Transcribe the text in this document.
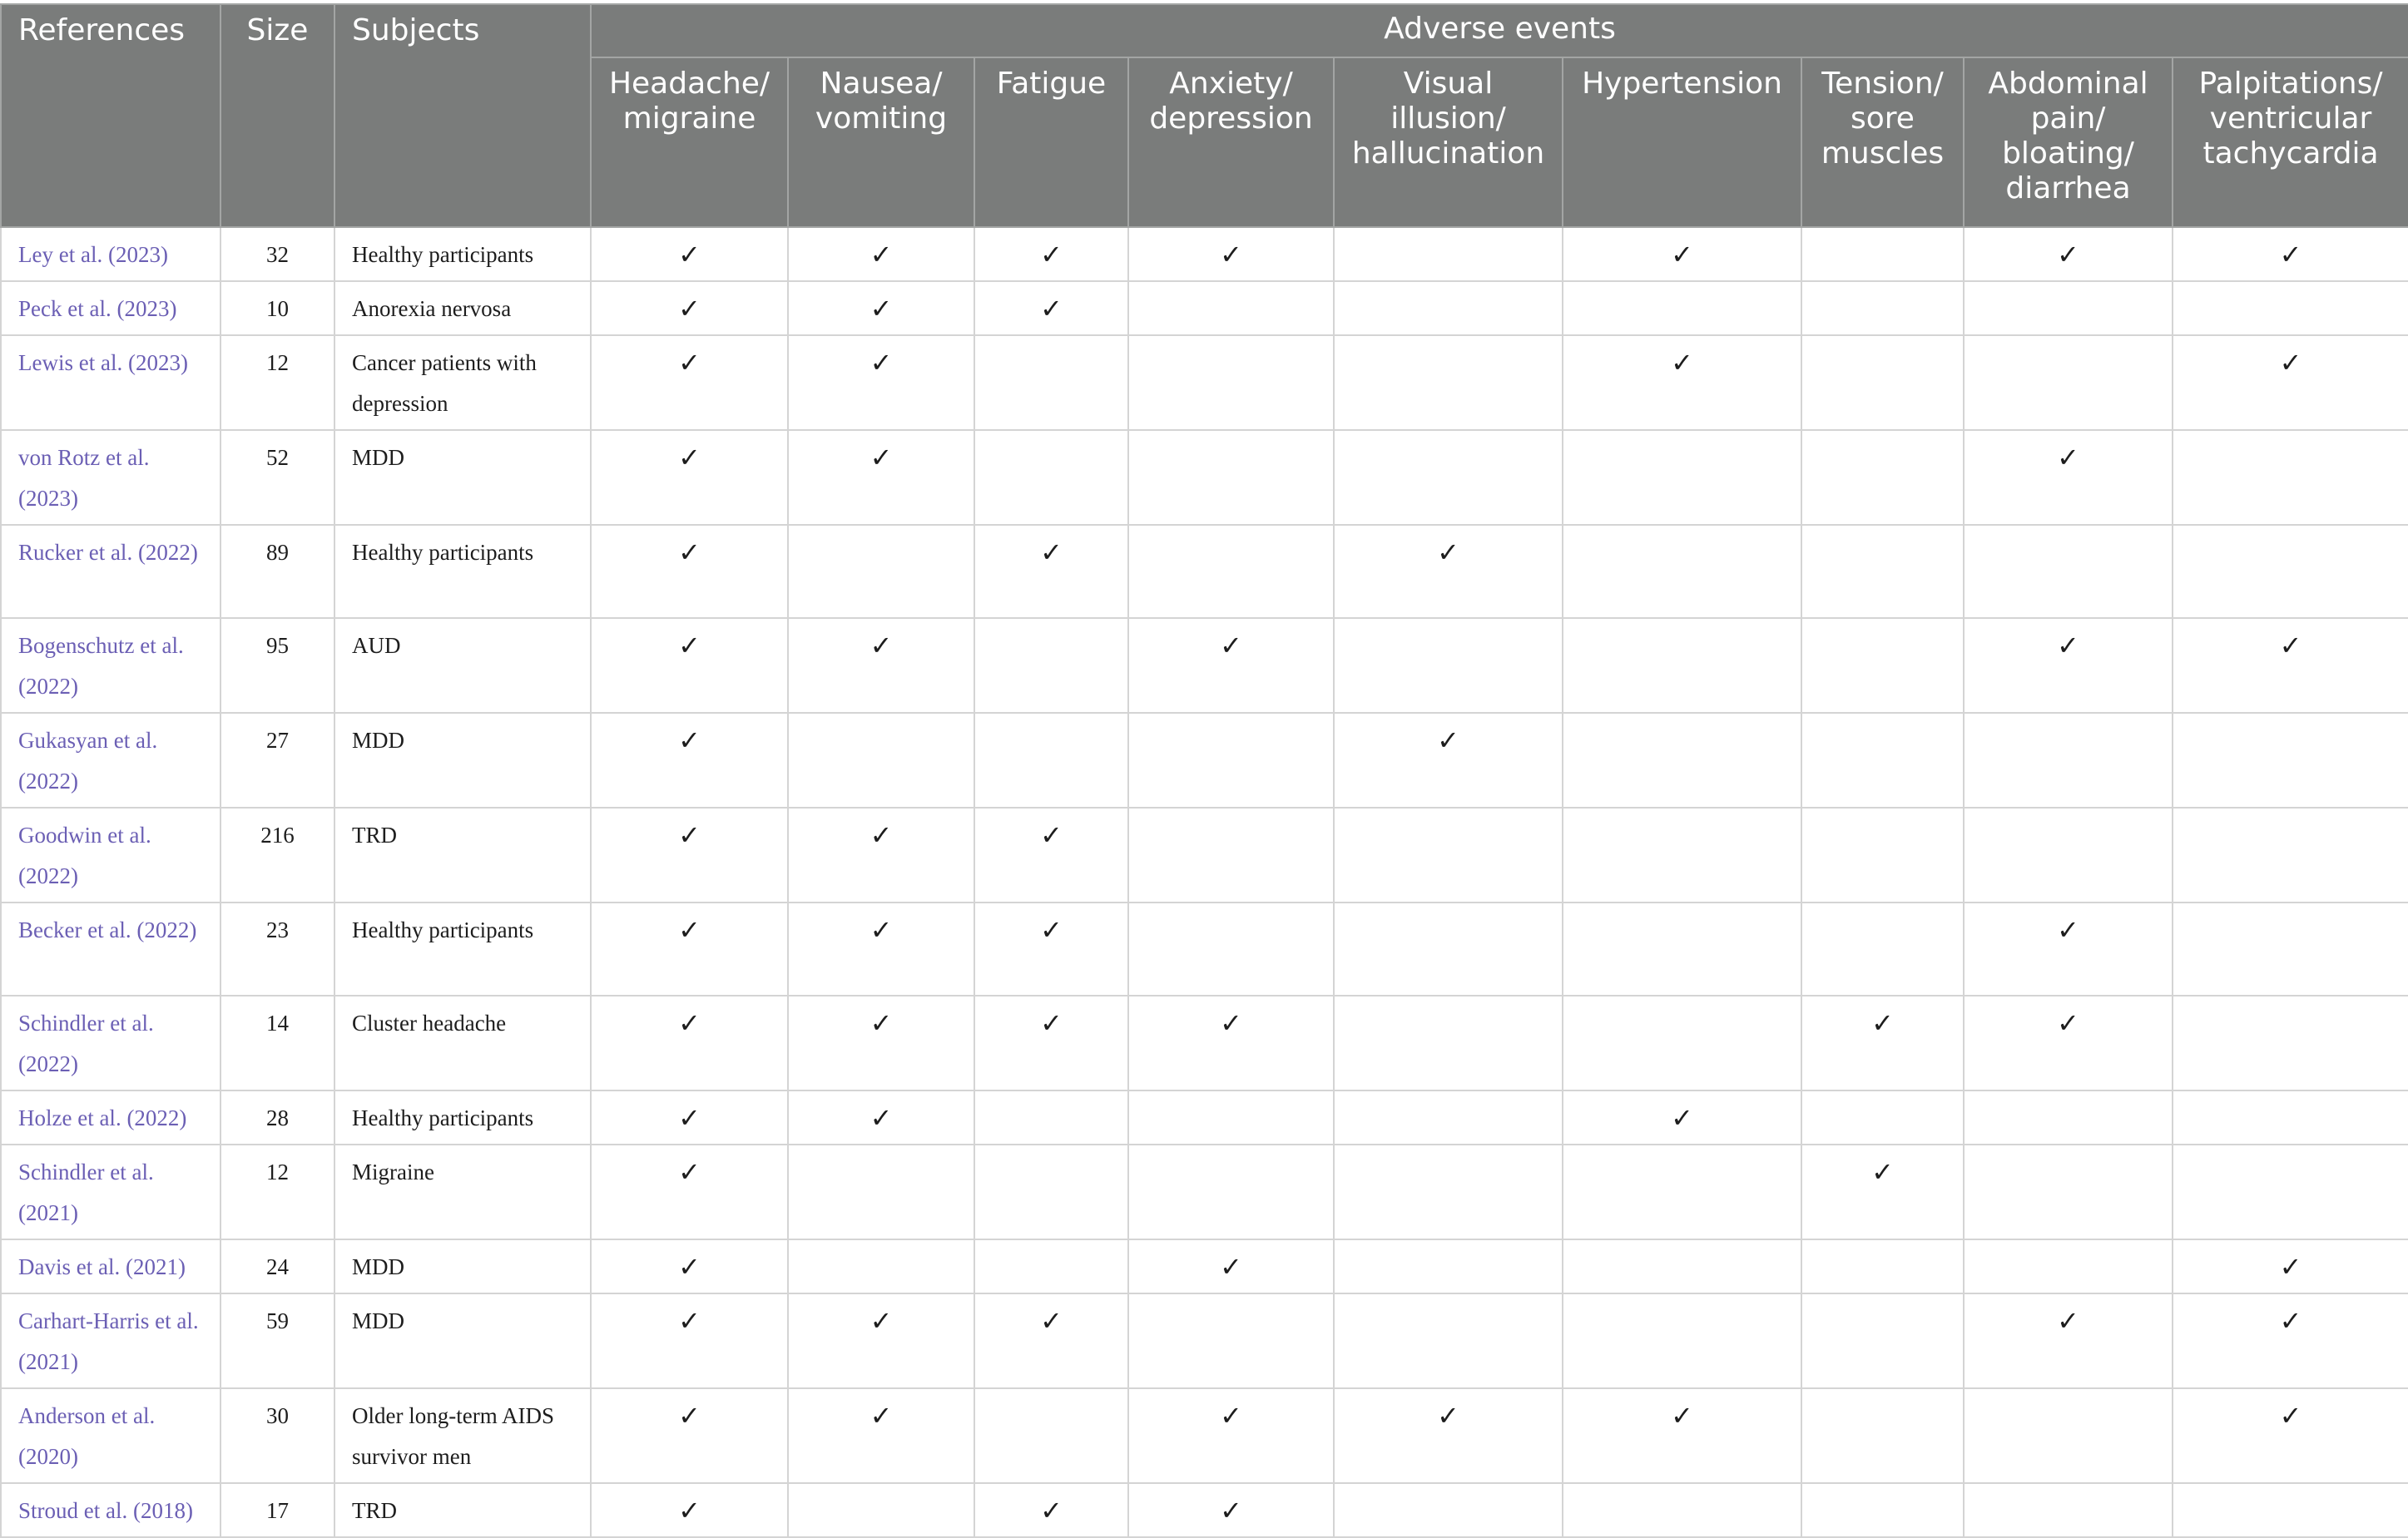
References	Size	Subjects	Adverse events								
			Headache/ migraine	Nausea/ vomiting	Fatigue	Anxiety/ depression	Visual illusion/ hallucination	Hypertension	Tension/ sore muscles	Abdominal pain/ bloating/ diarrhea	Palpitations/ ventricular tachycardia
Ley et al. (2023)	32	Healthy participants	✓	✓	✓	✓		✓		✓	✓
Peck et al. (2023)	10	Anorexia nervosa	✓	✓	✓						
Lewis et al. (2023)	12	Cancer patients with depression	✓	✓				✓			✓
von Rotz et al. (2023)	52	MDD	✓	✓						✓	
Rucker et al. (2022)	89	Healthy participants	✓		✓		✓				
Bogenschutz et al. (2022)	95	AUD	✓	✓		✓				✓	✓
Gukasyan et al. (2022)	27	MDD	✓				✓				
Goodwin et al. (2022)	216	TRD	✓	✓	✓						
Becker et al. (2022)	23	Healthy participants	✓	✓	✓					✓	
Schindler et al. (2022)	14	Cluster headache	✓	✓	✓	✓			✓	✓	
Holze et al. (2022)	28	Healthy participants	✓	✓				✓			
Schindler et al. (2021)	12	Migraine	✓						✓		
Davis et al. (2021)	24	MDD	✓			✓					✓
Carhart-Harris et al. (2021)	59	MDD	✓	✓	✓					✓	✓
Anderson et al. (2020)	30	Older long-term AIDS survivor men	✓	✓		✓	✓	✓			✓
Stroud et al. (2018)	17	TRD	✓		✓	✓					
